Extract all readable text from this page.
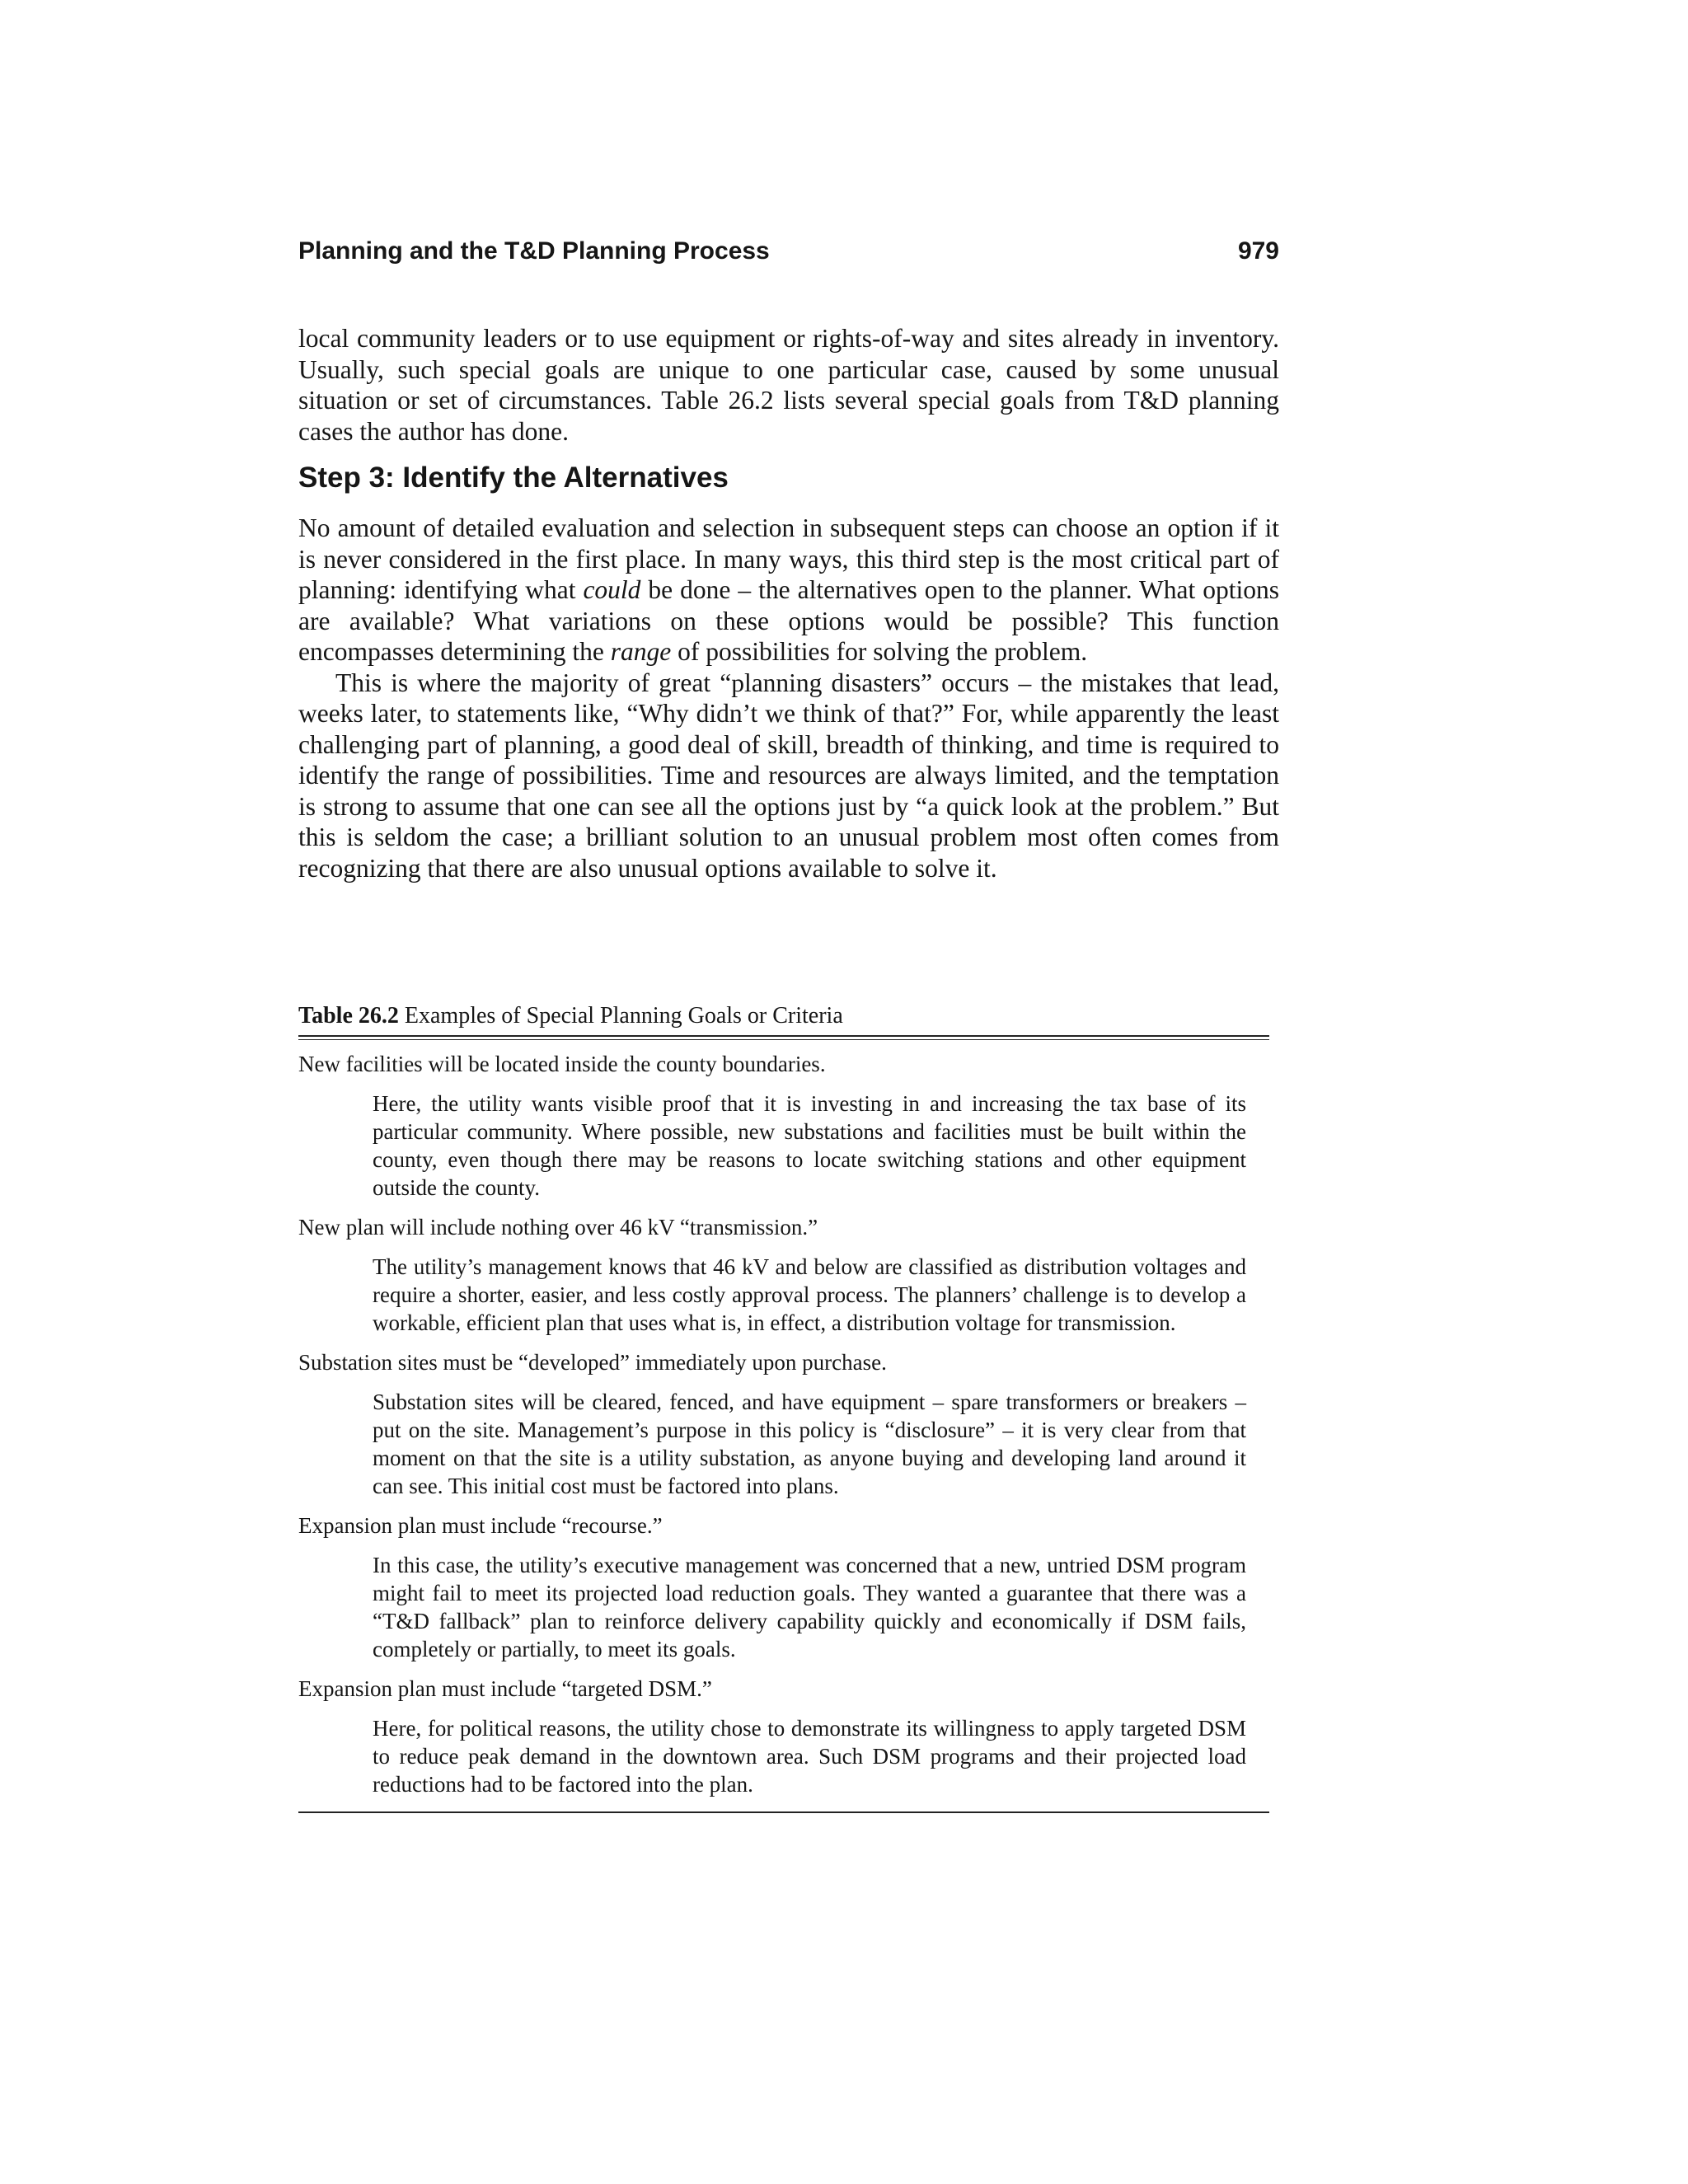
Planning and the T&D Planning Process	979

local community leaders or to use equipment or rights-of-way and sites already in inventory. Usually, such special goals are unique to one particular case, caused by some unusual situation or set of circumstances. Table 26.2 lists several special goals from T&D planning cases the author has done.

Step 3: Identify the Alternatives

No amount of detailed evaluation and selection in subsequent steps can choose an option if it is never considered in the first place. In many ways, this third step is the most critical part of planning: identifying what could be done – the alternatives open to the planner. What options are available? What variations on these options would be possible? This function encompasses determining the range of possibilities for solving the problem.

This is where the majority of great “planning disasters” occurs – the mistakes that lead, weeks later, to statements like, “Why didn’t we think of that?” For, while apparently the least challenging part of planning, a good deal of skill, breadth of thinking, and time is required to identify the range of possibilities. Time and resources are always limited, and the temptation is strong to assume that one can see all the options just by “a quick look at the problem.” But this is seldom the case; a brilliant solution to an unusual problem most often comes from recognizing that there are also unusual options available to solve it.

Table 26.2 Examples of Special Planning Goals or Criteria

New facilities will be located inside the county boundaries.

Here, the utility wants visible proof that it is investing in and increasing the tax base of its particular community. Where possible, new substations and facilities must be built within the county, even though there may be reasons to locate switching stations and other equipment outside the county.

New plan will include nothing over 46 kV “transmission.”

The utility’s management knows that 46 kV and below are classified as distribution voltages and require a shorter, easier, and less costly approval process. The planners’ challenge is to develop a workable, efficient plan that uses what is, in effect, a distribution voltage for transmission.

Substation sites must be “developed” immediately upon purchase.

Substation sites will be cleared, fenced, and have equipment – spare transformers or breakers – put on the site. Management’s purpose in this policy is “disclosure” – it is very clear from that moment on that the site is a utility substation, as anyone buying and developing land around it can see. This initial cost must be factored into plans.

Expansion plan must include “recourse.”

In this case, the utility’s executive management was concerned that a new, untried DSM program might fail to meet its projected load reduction goals. They wanted a guarantee that there was a “T&D fallback” plan to reinforce delivery capability quickly and economically if DSM fails, completely or partially, to meet its goals.

Expansion plan must include “targeted DSM.”

Here, for political reasons, the utility chose to demonstrate its willingness to apply targeted DSM to reduce peak demand in the downtown area. Such DSM programs and their projected load reductions had to be factored into the plan.
